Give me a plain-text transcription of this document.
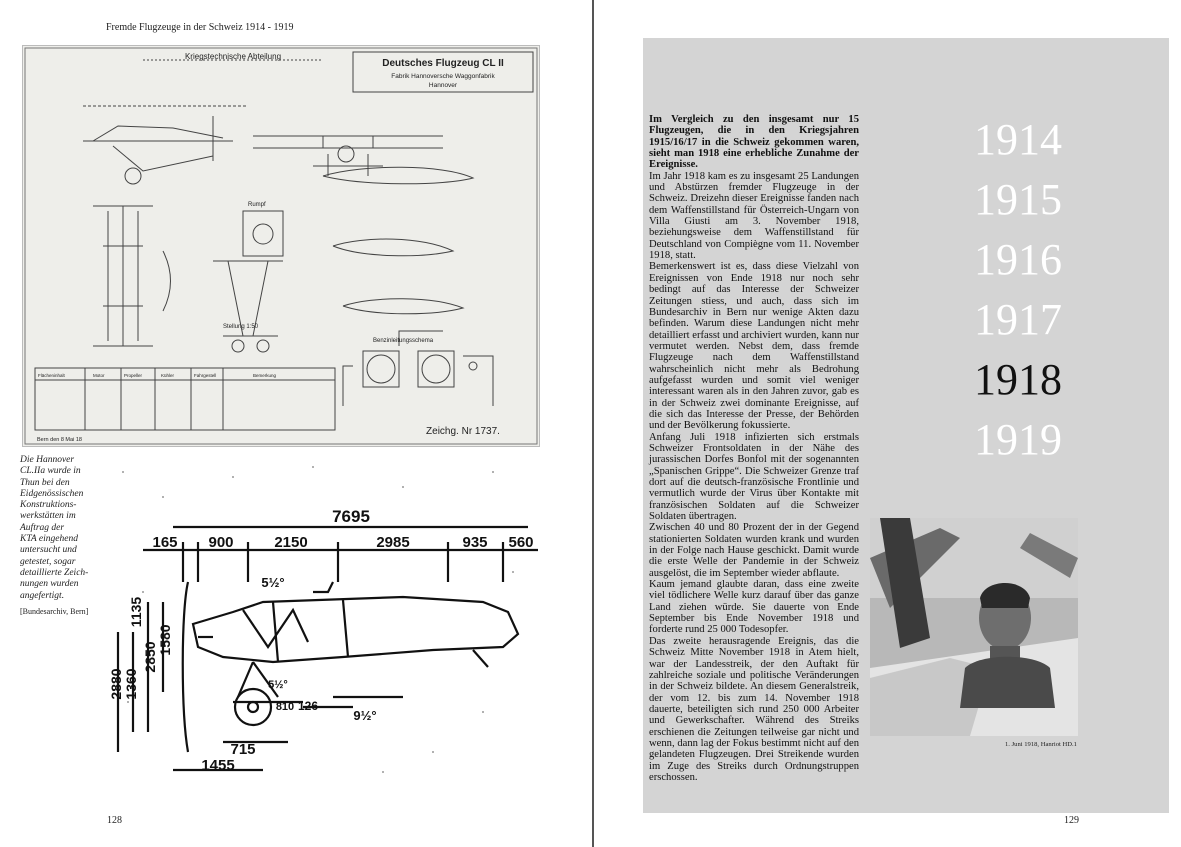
Fremde Flugzeuge in der Schweiz 1914 - 1919
Kriegstechnische Abteilung
Deutsches Flugzeug CL II
Fabrik Hannoversche Waggonfabrik
Hannover
Rumpf
Stellung 1:50
Benzinleitungsschema
Zeichg. Nr 1737.
Bern den 8 Mai 18
Flächeninhalt	Motor	Propeller	Kühler	Fahrgestell	Bemerkung
7695
165 900	2150	2985	935 560
2880 1360
1135
2850
1580
715
1455
810 126
5½°
5½°
9½°
Die Hannover
CL.IIa wurde in
Thun bei den
Eidgenössischen
Konstruktions-
werkstätten im
Auftrag der
KTA eingehend
untersucht und
getestet, sogar
detaillierte Zeich-
nungen wurden
angefertigt.
[Bundesarchiv, Bern]
128

Im Vergleich zu den insgesamt nur 15 Flugzeugen, die in den Kriegsjahren 1915/16/17 in die Schweiz gekommen waren, sieht man 1918 eine erhebliche Zunahme der Ereignisse.

Im Jahr 1918 kam es zu insgesamt 25 Landungen und Abstürzen fremder Flugzeuge in der Schweiz. Dreizehn dieser Ereignisse fanden nach dem Waffenstillstand für Österreich-Ungarn von Villa Giusti am 3. November 1918, beziehungsweise dem Waffenstillstand für Deutschland von Compiègne vom 11. November 1918, statt.

Bemerkenswert ist es, dass diese Vielzahl von Ereignissen von Ende 1918 nur noch sehr bedingt auf das Interesse der Schweizer Zeitungen stiess, und auch, dass sich im Bundesarchiv in Bern nur wenige Akten dazu befinden. Warum diese Landungen nicht mehr detailliert erfasst und archiviert wurden, kann nur vermutet werden. Nebst dem, dass fremde Flugzeuge nach dem Waffenstillstand wahrscheinlich nicht mehr als Bedrohung aufgefasst wurden und somit viel weniger interessant waren als in den Jahren zuvor, gab es in der Schweiz zwei dominante Ereignisse, auf die sich das Interesse der Presse, der Behörden und der Bevölkerung fokussierte.

Anfang Juli 1918 infizierten sich erstmals Schweizer Frontsoldaten in der Nähe des jurassischen Dorfes Bonfol mit der sogenannten „Spanischen Grippe“. Die Schweizer Grenze traf dort auf die deutsch-französische Frontlinie und vermutlich wurde der Virus über Kontakte mit französischen Soldaten auf die Schweizer Soldaten übertragen.

Zwischen 40 und 80 Prozent der in der Gegend stationierten Soldaten wurden krank und wurden in der Folge nach Hause geschickt. Damit wurde die erste Welle der Pandemie in der Schweiz ausgelöst, die im September wieder abflaute.

Kaum jemand glaubte daran, dass eine zweite viel tödlichere Welle kurz darauf über das ganze Land ziehen würde. Sie dauerte von Ende September bis Ende November 1918 und forderte rund 25 000 Todesopfer.

Das zweite herausragende Ereignis, das die Schweiz Mitte November 1918 in Atem hielt, war der Landesstreik, der den Auftakt für zahlreiche soziale und politische Veränderungen in der Schweiz bildete. An diesem Generalstreik, der vom 12. bis zum 14. November 1918 dauerte, beteiligten sich rund 250 000 Arbeiter und Gewerkschafter. Während des Streiks erschienen die Zeitungen teilweise gar nicht und wenn, dann lag der Fokus bestimmt nicht auf den gelandeten Flugzeugen. Drei Streikende wurden im Zuge des Streiks durch Ordnungstruppen erschossen.

1914
1915
1916
1917
1918
1919
1. Juni 1918, Hanriot HD.1
129
